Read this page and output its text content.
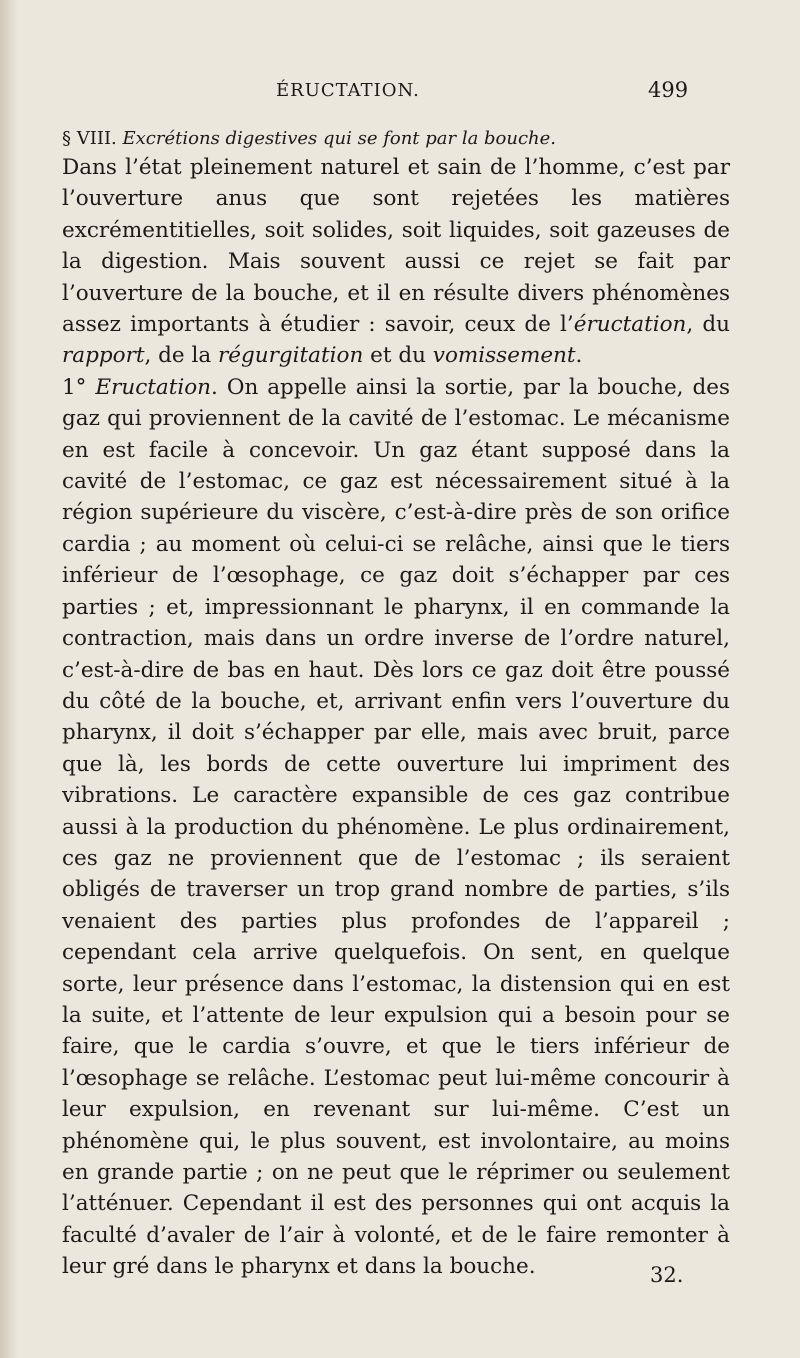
ÉRUCTATION.	499
§ VIII. Excrétions digestives qui se font par la bouche.

Dans l’état pleinement naturel et sain de l’homme, c’est par l’ouverture anus que sont rejetées les matières excrémentitielles, soit solides, soit liquides, soit gazeuses de la digestion. Mais souvent aussi ce rejet se fait par l’ouverture de la bouche, et il en résulte divers phénomènes assez importants à étudier : savoir, ceux de l’éructation, du rapport, de la régurgitation et du vomissement.

1° Eructation. On appelle ainsi la sortie, par la bouche, des gaz qui proviennent de la cavité de l’estomac. Le mécanisme en est facile à concevoir. Un gaz étant supposé dans la cavité de l’estomac, ce gaz est nécessairement situé à la région supérieure du viscère, c’est-à-dire près de son orifice cardia ; au moment où celui-ci se relâche, ainsi que le tiers inférieur de l’œsophage, ce gaz doit s’échapper par ces parties ; et, impressionnant le pharynx, il en commande la contraction, mais dans un ordre inverse de l’ordre naturel, c’est-à-dire de bas en haut. Dès lors ce gaz doit être poussé du côté de la bouche, et, arrivant enfin vers l’ouverture du pharynx, il doit s’échapper par elle, mais avec bruit, parce que là, les bords de cette ouverture lui impriment des vibrations. Le caractère expansible de ces gaz contribue aussi à la production du phénomène. Le plus ordinairement, ces gaz ne proviennent que de l’estomac ; ils seraient obligés de traverser un trop grand nombre de parties, s’ils venaient des parties plus profondes de l’appareil ; cependant cela arrive quelquefois. On sent, en quelque sorte, leur présence dans l’estomac, la distension qui en est la suite, et l’attente de leur expulsion qui a besoin pour se faire, que le cardia s’ouvre, et que le tiers inférieur de l’œsophage se relâche. L’estomac peut lui-même concourir à leur expulsion, en revenant sur lui-même. C’est un phénomène qui, le plus souvent, est involontaire, au moins en grande partie ; on ne peut que le réprimer ou seulement l’atténuer. Cependant il est des personnes qui ont acquis la faculté d’avaler de l’air à volonté, et de le faire remonter à leur gré dans le pharynx et dans la bouche.	32.
